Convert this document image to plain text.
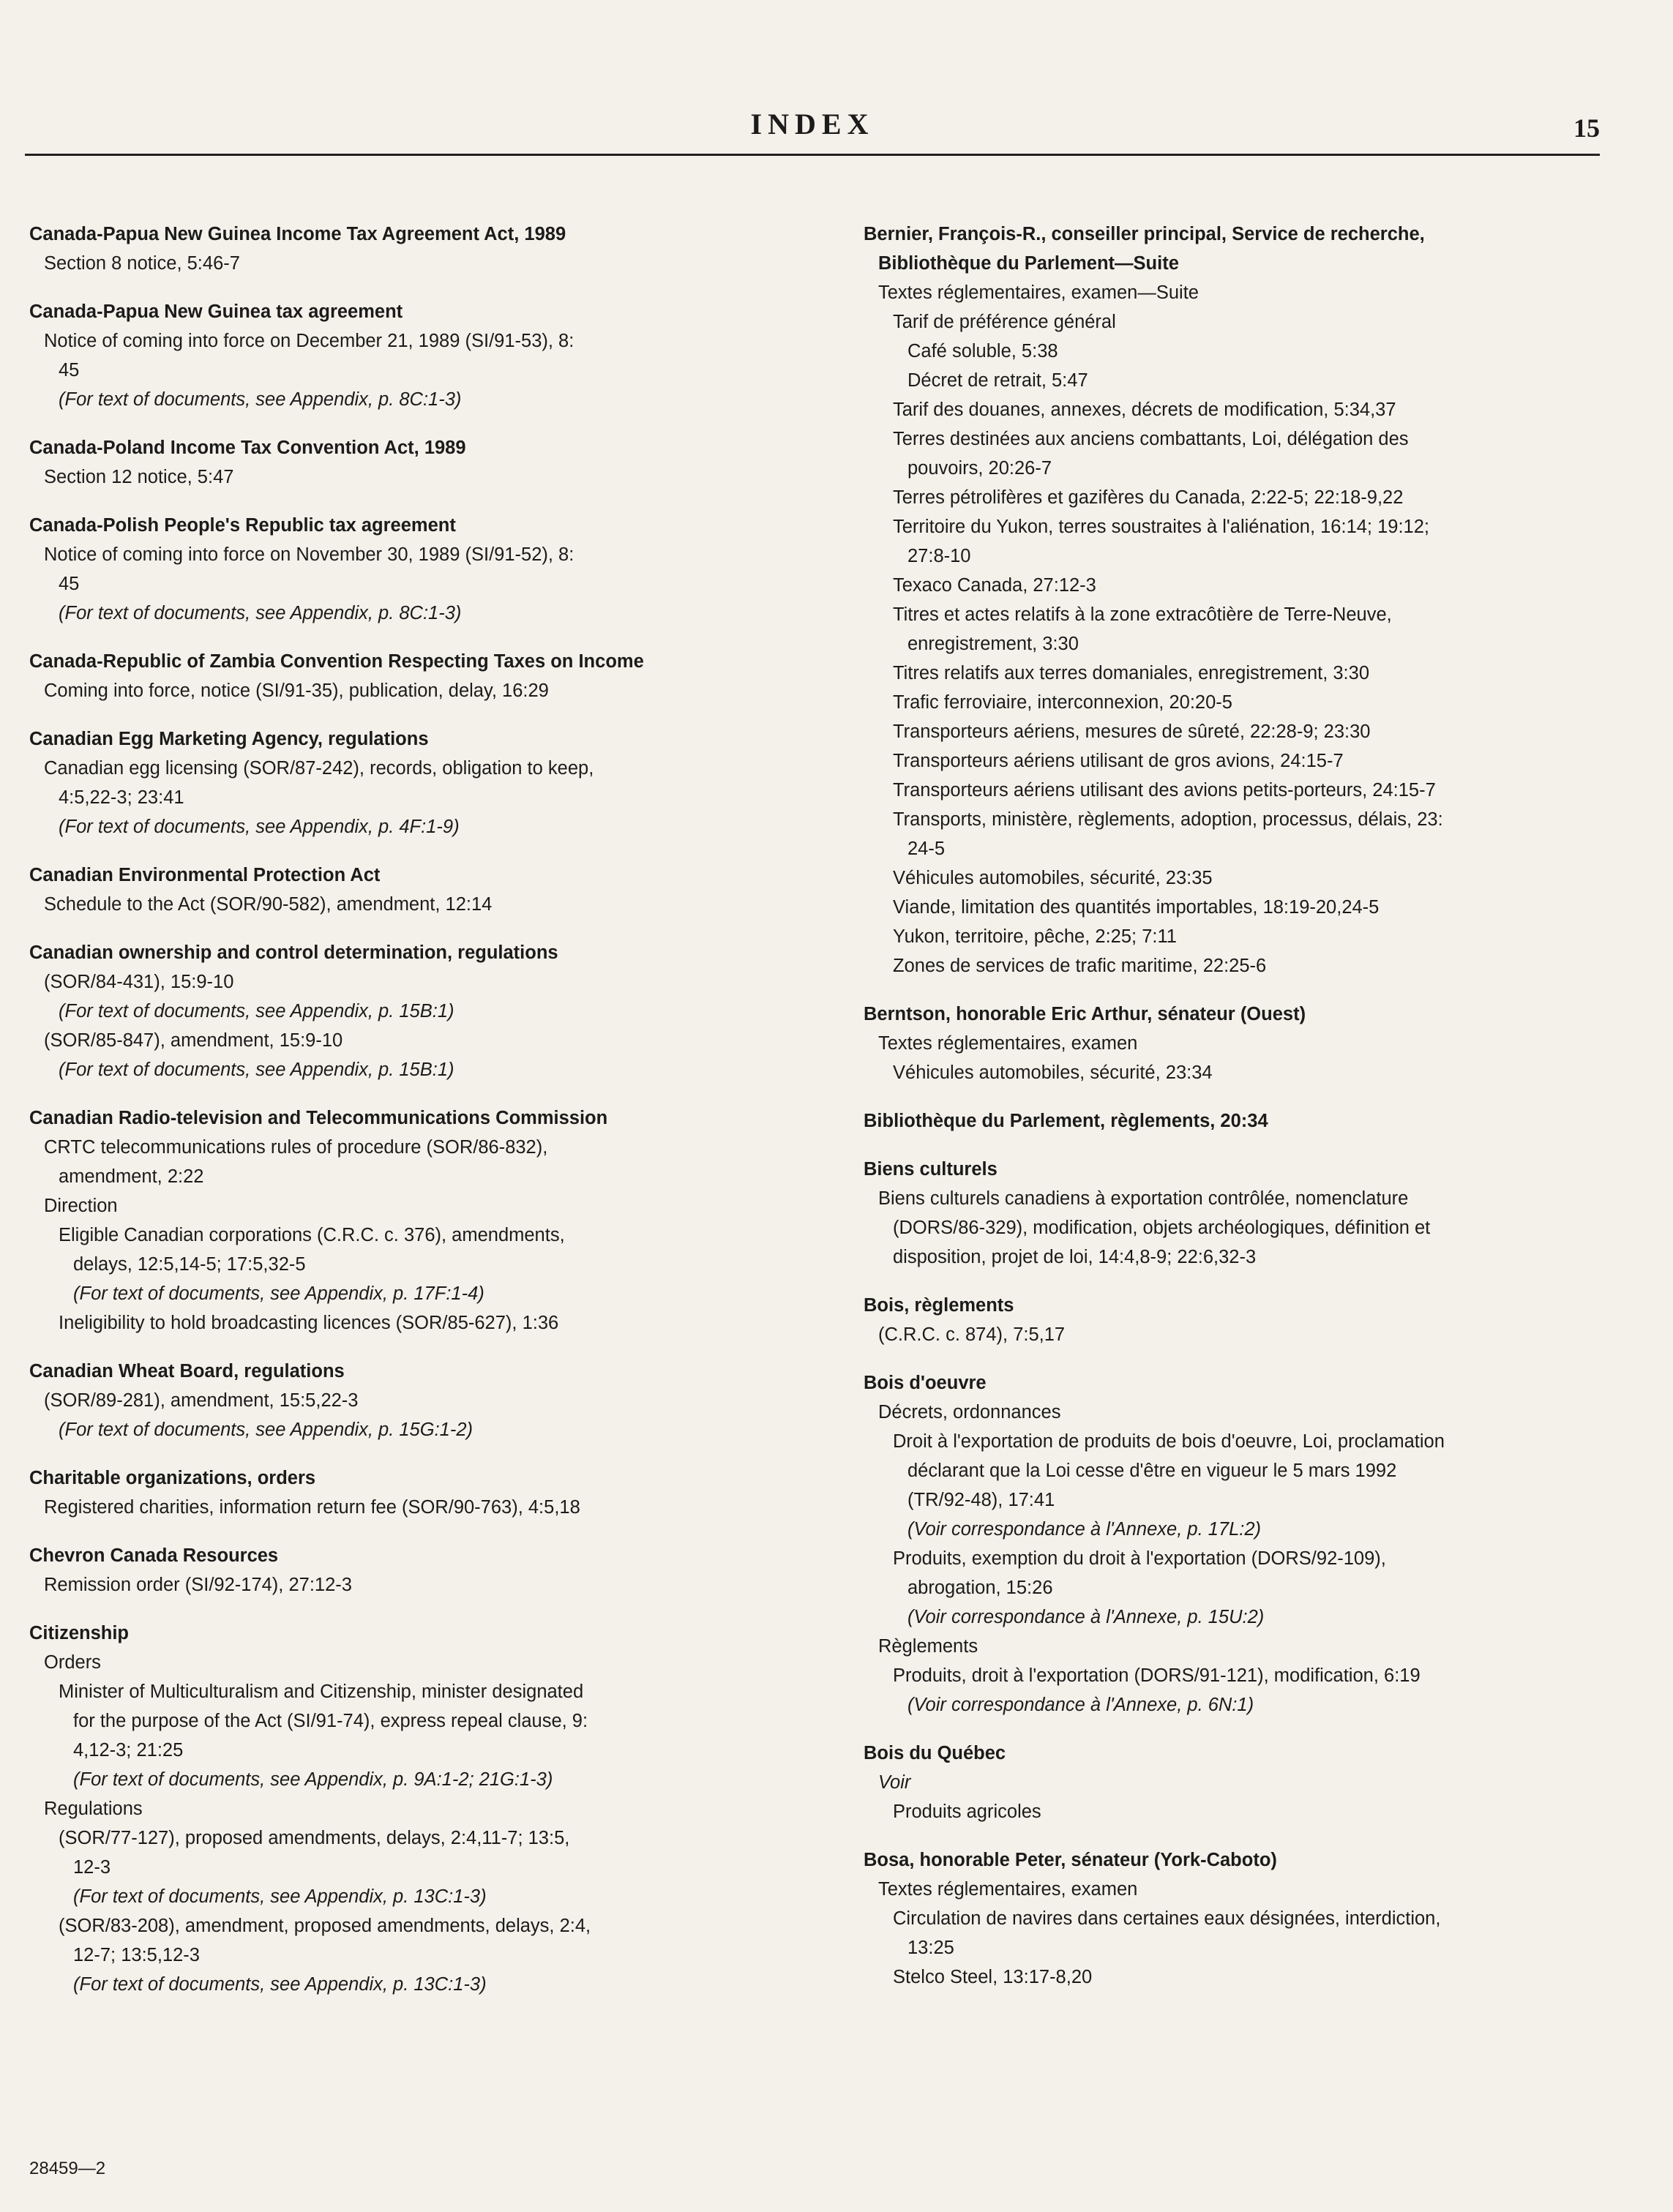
INDEX	15
Canada-Papua New Guinea Income Tax Agreement Act, 1989
Section 8 notice, 5:46-7
Canada-Papua New Guinea tax agreement
Notice of coming into force on December 21, 1989 (SI/91-53), 8:
45
(For text of documents, see Appendix, p. 8C:1-3)
Canada-Poland Income Tax Convention Act, 1989
Section 12 notice, 5:47
Canada-Polish People's Republic tax agreement
Notice of coming into force on November 30, 1989 (SI/91-52), 8:
45
(For text of documents, see Appendix, p. 8C:1-3)
Canada-Republic of Zambia Convention Respecting Taxes on Income
Coming into force, notice (SI/91-35), publication, delay, 16:29
Canadian Egg Marketing Agency, regulations
Canadian egg licensing (SOR/87-242), records, obligation to keep,
4:5,22-3; 23:41
(For text of documents, see Appendix, p. 4F:1-9)
Canadian Environmental Protection Act
Schedule to the Act (SOR/90-582), amendment, 12:14
Canadian ownership and control determination, regulations
(SOR/84-431), 15:9-10
(For text of documents, see Appendix, p. 15B:1)
(SOR/85-847), amendment, 15:9-10
(For text of documents, see Appendix, p. 15B:1)
Canadian Radio-television and Telecommunications Commission
CRTC telecommunications rules of procedure (SOR/86-832),
amendment, 2:22
Direction
Eligible Canadian corporations (C.R.C. c. 376), amendments,
delays, 12:5,14-5; 17:5,32-5
(For text of documents, see Appendix, p. 17F:1-4)
Ineligibility to hold broadcasting licences (SOR/85-627), 1:36
Canadian Wheat Board, regulations
(SOR/89-281), amendment, 15:5,22-3
(For text of documents, see Appendix, p. 15G:1-2)
Charitable organizations, orders
Registered charities, information return fee (SOR/90-763), 4:5,18
Chevron Canada Resources
Remission order (SI/92-174), 27:12-3
Citizenship
Orders
Minister of Multiculturalism and Citizenship, minister designated
for the purpose of the Act (SI/91-74), express repeal clause, 9:
4,12-3; 21:25
(For text of documents, see Appendix, p. 9A:1-2; 21G:1-3)
Regulations
(SOR/77-127), proposed amendments, delays, 2:4,11-7; 13:5,
12-3
(For text of documents, see Appendix, p. 13C:1-3)
(SOR/83-208), amendment, proposed amendments, delays, 2:4,
12-7; 13:5,12-3
(For text of documents, see Appendix, p. 13C:1-3)
Bernier, François-R., conseiller principal, Service de recherche,
Bibliothèque du Parlement—Suite
Textes réglementaires, examen—Suite
Tarif de préférence général
Café soluble, 5:38
Décret de retrait, 5:47
Tarif des douanes, annexes, décrets de modification, 5:34,37
Terres destinées aux anciens combattants, Loi, délégation des
pouvoirs, 20:26-7
Terres pétrolifères et gazifères du Canada, 2:22-5; 22:18-9,22
Territoire du Yukon, terres soustraites à l'aliénation, 16:14; 19:12;
27:8-10
Texaco Canada, 27:12-3
Titres et actes relatifs à la zone extracôtière de Terre-Neuve,
enregistrement, 3:30
Titres relatifs aux terres domaniales, enregistrement, 3:30
Trafic ferroviaire, interconnexion, 20:20-5
Transporteurs aériens, mesures de sûreté, 22:28-9; 23:30
Transporteurs aériens utilisant de gros avions, 24:15-7
Transporteurs aériens utilisant des avions petits-porteurs, 24:15-7
Transports, ministère, règlements, adoption, processus, délais, 23:
24-5
Véhicules automobiles, sécurité, 23:35
Viande, limitation des quantités importables, 18:19-20,24-5
Yukon, territoire, pêche, 2:25; 7:11
Zones de services de trafic maritime, 22:25-6
Berntson, honorable Eric Arthur, sénateur (Ouest)
Textes réglementaires, examen
Véhicules automobiles, sécurité, 23:34
Bibliothèque du Parlement, règlements, 20:34
Biens culturels
Biens culturels canadiens à exportation contrôlée, nomenclature
(DORS/86-329), modification, objets archéologiques, définition et
disposition, projet de loi, 14:4,8-9; 22:6,32-3
Bois, règlements
(C.R.C. c. 874), 7:5,17
Bois d'oeuvre
Décrets, ordonnances
Droit à l'exportation de produits de bois d'oeuvre, Loi, proclamation
déclarant que la Loi cesse d'être en vigueur le 5 mars 1992
(TR/92-48), 17:41
(Voir correspondance à l'Annexe, p. 17L:2)
Produits, exemption du droit à l'exportation (DORS/92-109),
abrogation, 15:26
(Voir correspondance à l'Annexe, p. 15U:2)
Règlements
Produits, droit à l'exportation (DORS/91-121), modification, 6:19
(Voir correspondance à l'Annexe, p. 6N:1)
Bois du Québec
Voir
Produits agricoles
Bosa, honorable Peter, sénateur (York-Caboto)
Textes réglementaires, examen
Circulation de navires dans certaines eaux désignées, interdiction,
13:25
Stelco Steel, 13:17-8,20
28459—2
